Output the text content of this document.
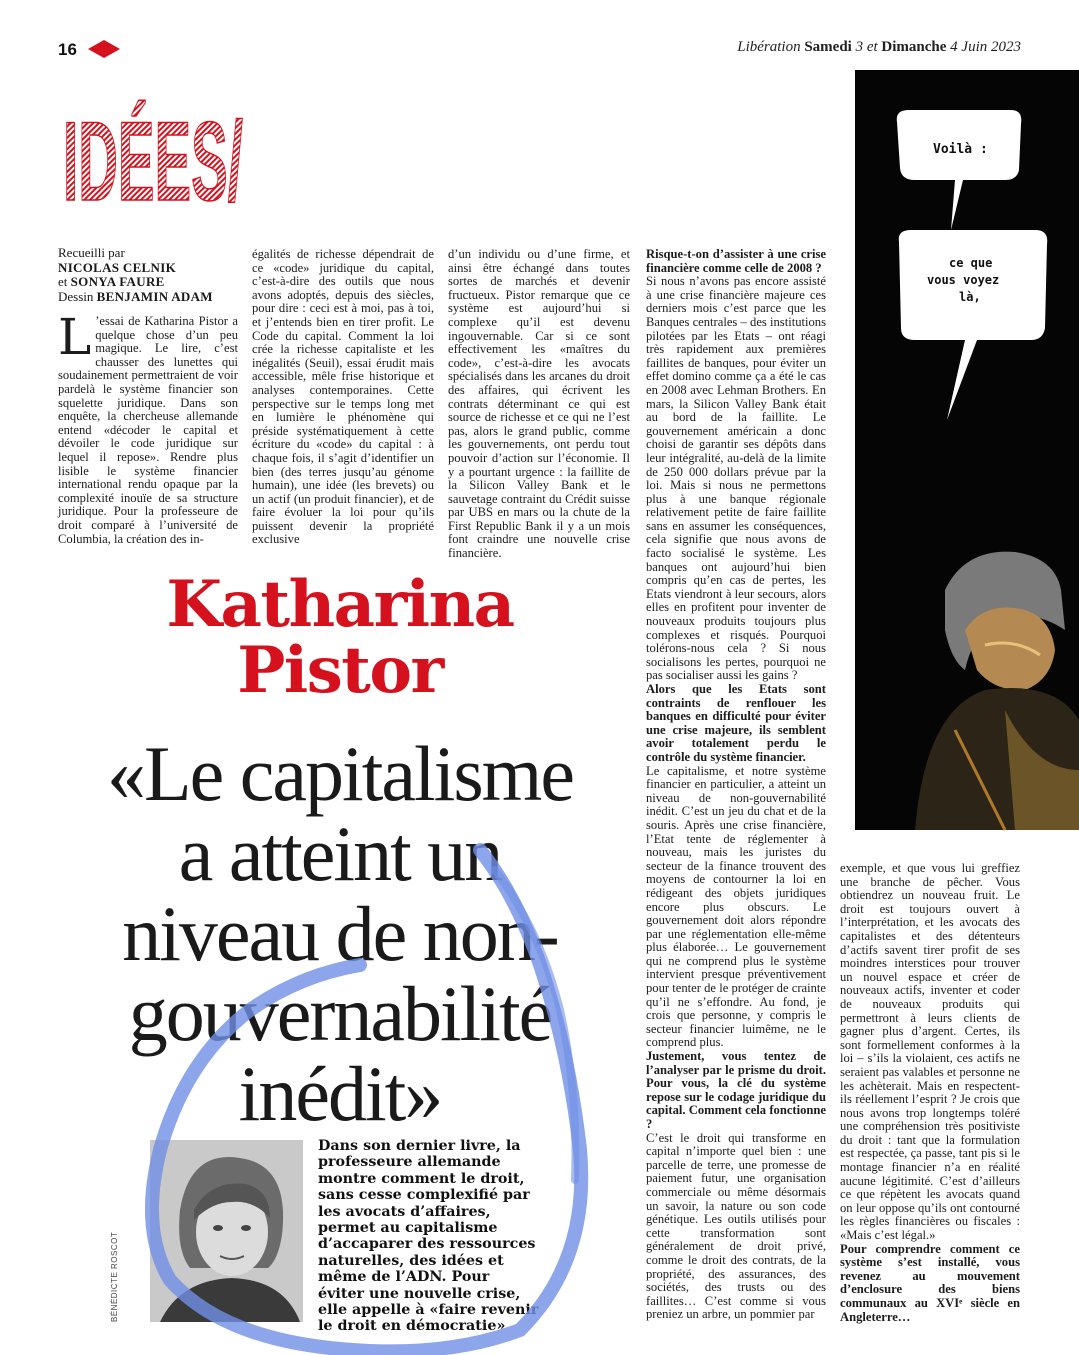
16	Libération Samedi 3 et Dimanche 4 Juin 2023
IDÉES/
Recueilli par
NICOLAS CELNIK
et SONYA FAURE
Dessin BENJAMIN ADAM
L ’essai de Katharina Pistor a quelque chose d’un peu magique. Le lire, c’est chausser des lunettes qui soudainement permettraient de voir pardelà le système financier son squelette juridique. Dans son enquête, la chercheuse allemande entend «décoder le capital et dévoiler le code juridique sur lequel il repose». Rendre plus lisible le système financier international rendu opaque par la complexité inouïe de sa structure juridique. Pour la professeure de droit comparé à l’université de Columbia, la création des in-

égalités de richesse dépendrait de ce «code» juridique du capital, c’est-à-dire des outils que nous avons adoptés, depuis des siècles, pour dire : ceci est à moi, pas à toi, et j’entends bien en tirer profit. Le Code du capital. Comment la loi crée la richesse capitaliste et les inégalités (Seuil), essai érudit mais accessible, mêle frise historique et analyses contemporaines. Cette perspective sur le temps long met en lumière le phénomène qui préside systématiquement à cette écriture du «code» du capital : à chaque fois, il s’agit d’identifier un bien (des terres jusqu’au génome humain), une idée (les brevets) ou un actif (un produit financier), et de faire évoluer la loi pour qu’ils puissent devenir la propriété exclusive

d’un individu ou d’une firme, et ainsi être échangé dans toutes sortes de marchés et devenir fructueux. Pistor remarque que ce système est aujourd’hui si complexe qu’il est devenu ingouvernable. Car si ce sont effectivement les «maîtres du code», c’est-à-dire les avocats spécialisés dans les arcanes du droit des affaires, qui écrivent les contrats déterminant ce qui est source de richesse et ce qui ne l’est pas, alors le grand public, comme les gouvernements, ont perdu tout pouvoir d’action sur l’économie. Il y a pourtant urgence : la faillite de la Silicon Valley Bank et le sauvetage contraint du Crédit suisse par UBS en mars ou la chute de la First Republic Bank il y a un mois font craindre une nouvelle crise financière.

Risque-t-on d’assister à une crise financière comme celle de 2008 ?

Si nous n’avons pas encore assisté à une crise financière majeure ces derniers mois c’est parce que les Banques centrales – des institutions pilotées par les Etats – ont réagi très rapidement aux premières faillites de banques, pour éviter un effet domino comme ça a été le cas en 2008 avec Lehman Brothers. En mars, la Silicon Valley Bank était au bord de la faillite. Le gouvernement américain a donc choisi de garantir ses dépôts dans leur intégralité, au-delà de la limite de 250 000 dollars prévue par la loi. Mais si nous ne permettons plus à une banque régionale relativement petite de faire faillite sans en assumer les conséquences, cela signifie que nous avons de facto socialisé le système. Les banques ont aujourd’hui bien compris qu’en cas de pertes, les Etats viendront à leur secours, alors elles en profitent pour inventer de nouveaux produits toujours plus complexes et risqués. Pourquoi tolérons-nous cela ? Si nous socialisons les pertes, pourquoi ne pas socialiser aussi les gains ?

Alors que les Etats sont contraints de renflouer les banques en difficulté pour éviter une crise majeure, ils semblent avoir totalement perdu le contrôle du système financier.

Le capitalisme, et notre système financier en particulier, a atteint un niveau de non-gouvernabilité inédit. C’est un jeu du chat et de la souris. Après une crise financière, l’Etat tente de réglementer à nouveau, mais les juristes du secteur de la finance trouvent des moyens de contourner la loi en rédigeant des objets juridiques encore plus obscurs. Le gouvernement doit alors répondre par une réglementation elle-même plus élaborée… Le gouvernement qui ne comprend plus le système intervient presque préventivement pour tenter de le protéger de crainte qu’il ne s’effondre. Au fond, je crois que personne, y compris le secteur financier luimême, ne le comprend plus.

Justement, vous tentez de l’analyser par le prisme du droit. Pour vous, la clé du système repose sur le codage juridique du capital. Comment cela fonctionne ?

C’est le droit qui transforme en capital n’importe quel bien : une parcelle de terre, une promesse de paiement futur, une organisation commerciale ou même désormais un savoir, la nature ou son code génétique. Les outils utilisés pour cette transformation sont généralement de droit privé, comme le droit des contrats, de la propriété, des assurances, des sociétés, des trusts ou des faillites… C’est comme si vous preniez un arbre, un pommier par

exemple, et que vous lui greffiez une branche de pêcher. Vous obtiendrez un nouveau fruit. Le droit est toujours ouvert à l’interprétation, et les avocats des capitalistes et des détenteurs d’actifs savent tirer profit de ses moindres interstices pour trouver un nouvel espace et créer de nouveaux actifs, inventer et coder de nouveaux produits qui permettront à leurs clients de gagner plus d’argent. Certes, ils sont formellement conformes à la loi – s’ils la violaient, ces actifs ne seraient pas valables et personne ne les achèterait. Mais en respectent-ils réellement l’esprit ? Je crois que nous avons trop longtemps toléré une compréhension très positiviste du droit : tant que la formulation est respectée, ça passe, tant pis si le montage financier n’a en réalité aucune légitimité. C’est d’ailleurs ce que répètent les avocats quand on leur oppose qu’ils ont contourné les règles financières ou fiscales : «Mais c’est légal.»

Pour comprendre comment ce système s’est installé, vous revenez au mouvement d’enclosure des biens communaux au XVIᵉ siècle en Angleterre…

Katharina
Pistor
«Le capitalisme
a atteint un
niveau de non-
gouvernabilité
inédit»
BÉNÉDICTE ROSCOT
Dans son dernier livre, la professeure allemande montre comment le droit, sans cesse complexifié par les avocats d’affaires, permet au capitalisme d’accaparer des ressources naturelles, des idées et même de l’ADN. Pour éviter une nouvelle crise, elle appelle à «faire revenir le droit en démocratie»
Voilà :
ce que
vous voyez
là,
